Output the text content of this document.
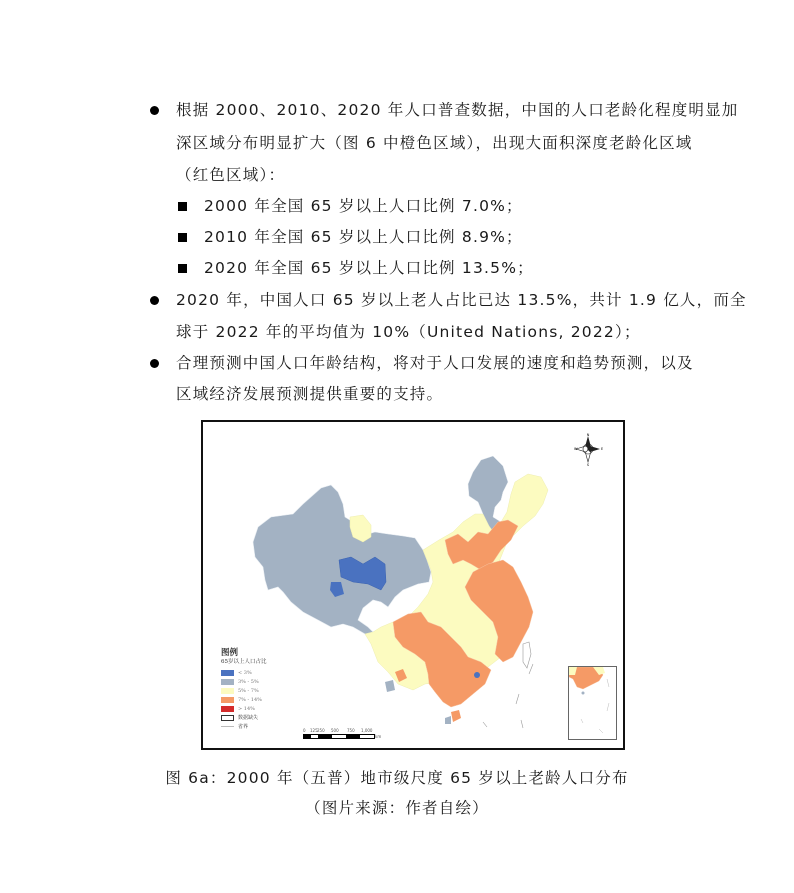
根据 2000、2010、2020 年人口普查数据，中国的人口老龄化程度明显加
深区域分布明显扩大（图 6 中橙色区域），出现大面积深度老龄化区域
（红色区域）：
2000 年全国 65 岁以上人口比例 7.0%；
2010 年全国 65 岁以上人口比例 8.9%；
2020 年全国 65 岁以上人口比例 13.5%；
2020 年，中国人口 65 岁以上老人占比已达 13.5%，共计 1.9 亿人，而全
球于 2022 年的平均值为 10%（United Nations, 2022）；
合理预测中国人口年龄结构，将对于人口发展的速度和趋势预测，以及
区域经济发展预测提供重要的支持。
N
S
W	E
图例
65岁以上人口占比
< 3%
3% - 5%
5% - 7%
7% - 14%
> 14%
数据缺失
省界
0 125 250 500 750 1,000
km
图 6a：2000 年（五普）地市级尺度 65 岁以上老龄人口分布
（图片来源：作者自绘）
